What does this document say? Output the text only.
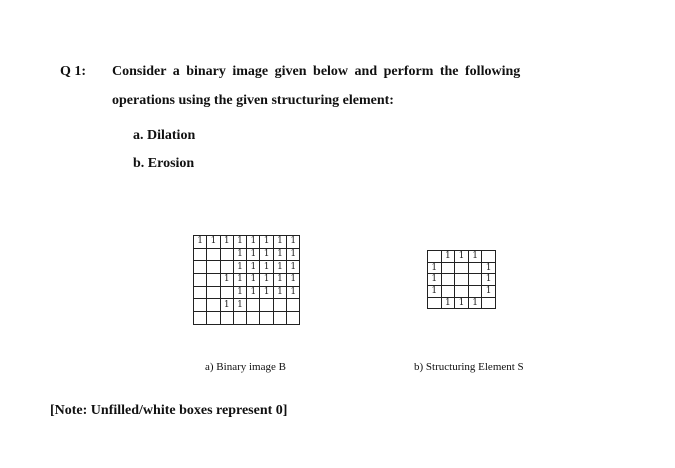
Q 1: Consider a binary image given below and perform the following
operations using the given structuring element:
a. Dilation
b. Erosion
1	1	1	1	1	1	1	1
			1	1	1	1	1
			1	1	1	1	1
		1	1	1	1	1	1
			1	1	1	1	1
		1	1				

	1	1	1	
1				1
1				1
1				1
	1	1	1	
a) Binary image B	b) Structuring Element S
[Note: Unfilled/white boxes represent 0]
